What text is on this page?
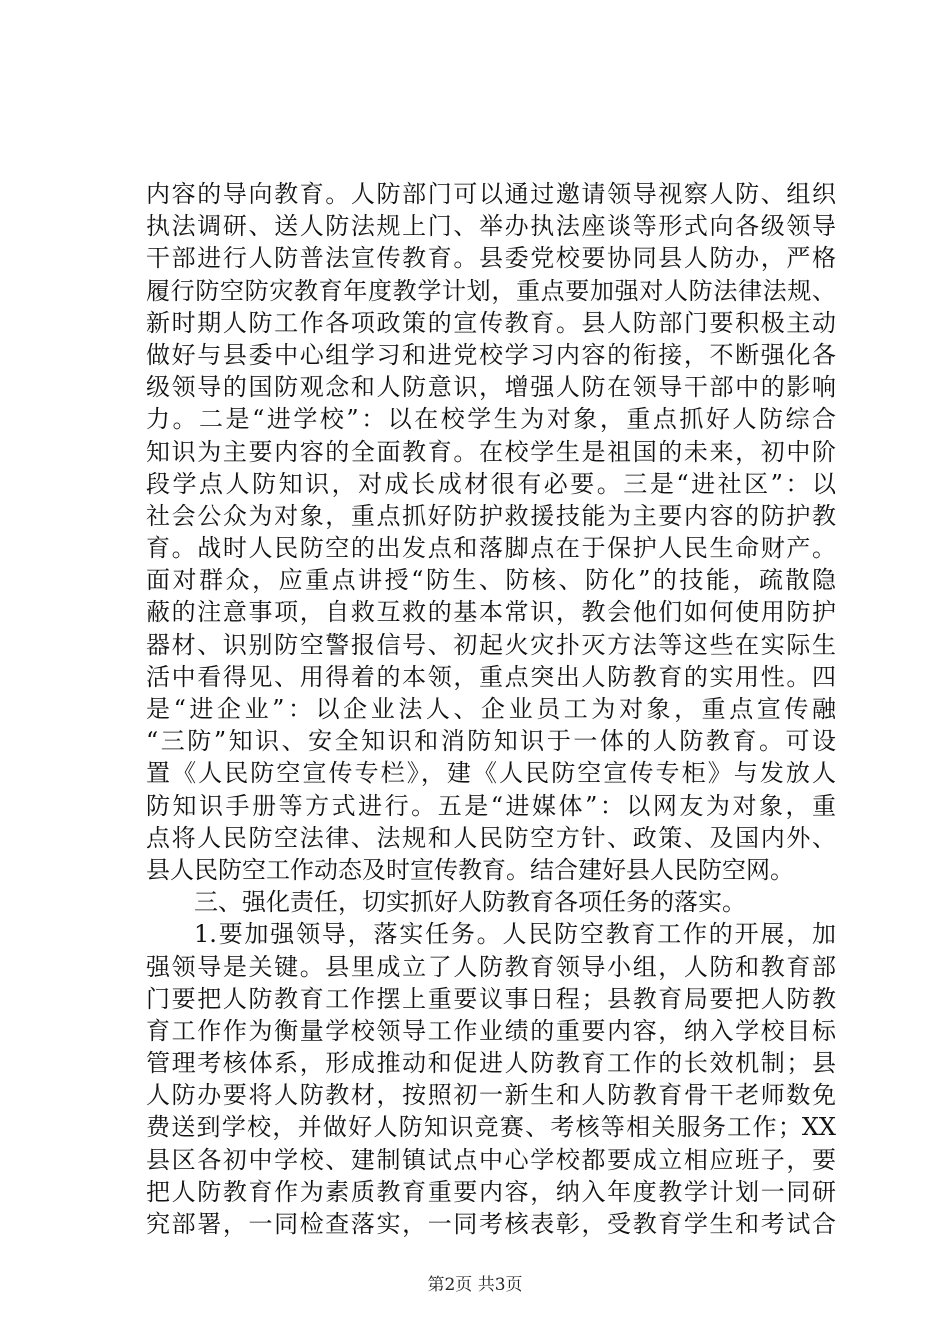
内容的导向教育。人防部门可以通过邀请领导视察人防、组织
执法调研、送人防法规上门、举办执法座谈等形式向各级领导
干部进行人防普法宣传教育。县委党校要协同县人防办，严格
履行防空防灾教育年度教学计划，重点要加强对人防法律法规、
新时期人防工作各项政策的宣传教育。县人防部门要积极主动
做好与县委中心组学习和进党校学习内容的衔接，不断强化各
级领导的国防观念和人防意识，增强人防在领导干部中的影响
力。二是“进学校”：以在校学生为对象，重点抓好人防综合
知识为主要内容的全面教育。在校学生是祖国的未来，初中阶
段学点人防知识，对成长成材很有必要。三是“进社区”：以
社会公众为对象，重点抓好防护救援技能为主要内容的防护教
育。战时人民防空的出发点和落脚点在于保护人民生命财产。
面对群众，应重点讲授“防生、防核、防化”的技能，疏散隐
蔽的注意事项，自救互救的基本常识，教会他们如何使用防护
器材、识别防空警报信号、初起火灾扑灭方法等这些在实际生
活中看得见、用得着的本领，重点突出人防教育的实用性。四
是“进企业”：以企业法人、企业员工为对象，重点宣传融
“三防”知识、安全知识和消防知识于一体的人防教育。可设
置《人民防空宣传专栏》，建《人民防空宣传专柜》与发放人
防知识手册等方式进行。五是“进媒体”：以网友为对象，重
点将人民防空法律、法规和人民防空方针、政策、及国内外、
县人民防空工作动态及时宣传教育。结合建好县人民防空网。
三、强化责任，切实抓好人防教育各项任务的落实。
1.要加强领导，落实任务。人民防空教育工作的开展，加
强领导是关键。县里成立了人防教育领导小组，人防和教育部
门要把人防教育工作摆上重要议事日程；县教育局要把人防教
育工作作为衡量学校领导工作业绩的重要内容，纳入学校目标
管理考核体系，形成推动和促进人防教育工作的长效机制；县
人防办要将人防教材，按照初一新生和人防教育骨干老师数免
费送到学校，并做好人防知识竞赛、考核等相关服务工作；XX
县区各初中学校、建制镇试点中心学校都要成立相应班子，要
把人防教育作为素质教育重要内容，纳入年度教学计划一同研
究部署，一同检查落实，一同考核表彰，受教育学生和考试合
第2页 共3页
